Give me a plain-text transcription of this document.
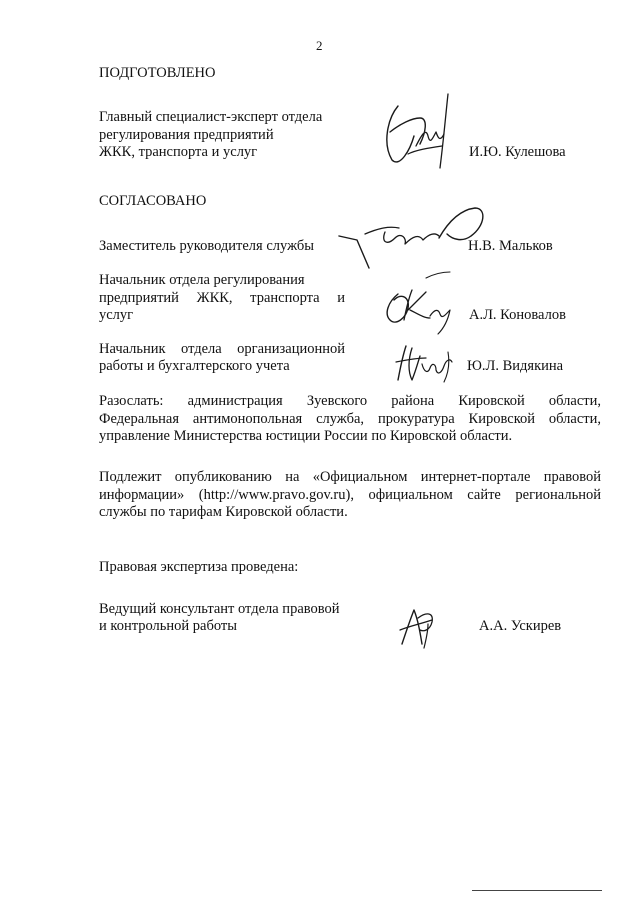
2
ПОДГОТОВЛЕНО
Главный специалист-эксперт отдела
регулирования предприятий
ЖКК, транспорта и услуг	И.Ю. Кулешова
СОГЛАСОВАНО
Заместитель руководителя службы	Н.В. Мальков
Начальник отдела регулирования
предприятий ЖКК, транспорта и
услуг	А.Л. Коновалов
Начальник отдела организационной
работы и бухгалтерского учета	Ю.Л. Видякина
Разослать: администрация Зуевского района Кировской области,
Федеральная антимонопольная служба, прокуратура Кировской области,
управление Министерства юстиции России по Кировской области.
Подлежит опубликованию на «Официальном интернет-портале правовой
информации» (http://www.pravo.gov.ru), официальном сайте региональной
службы по тарифам Кировской области.
Правовая экспертиза проведена:
Ведущий консультант отдела правовой
и контрольной работы	А.А. Ускирев
